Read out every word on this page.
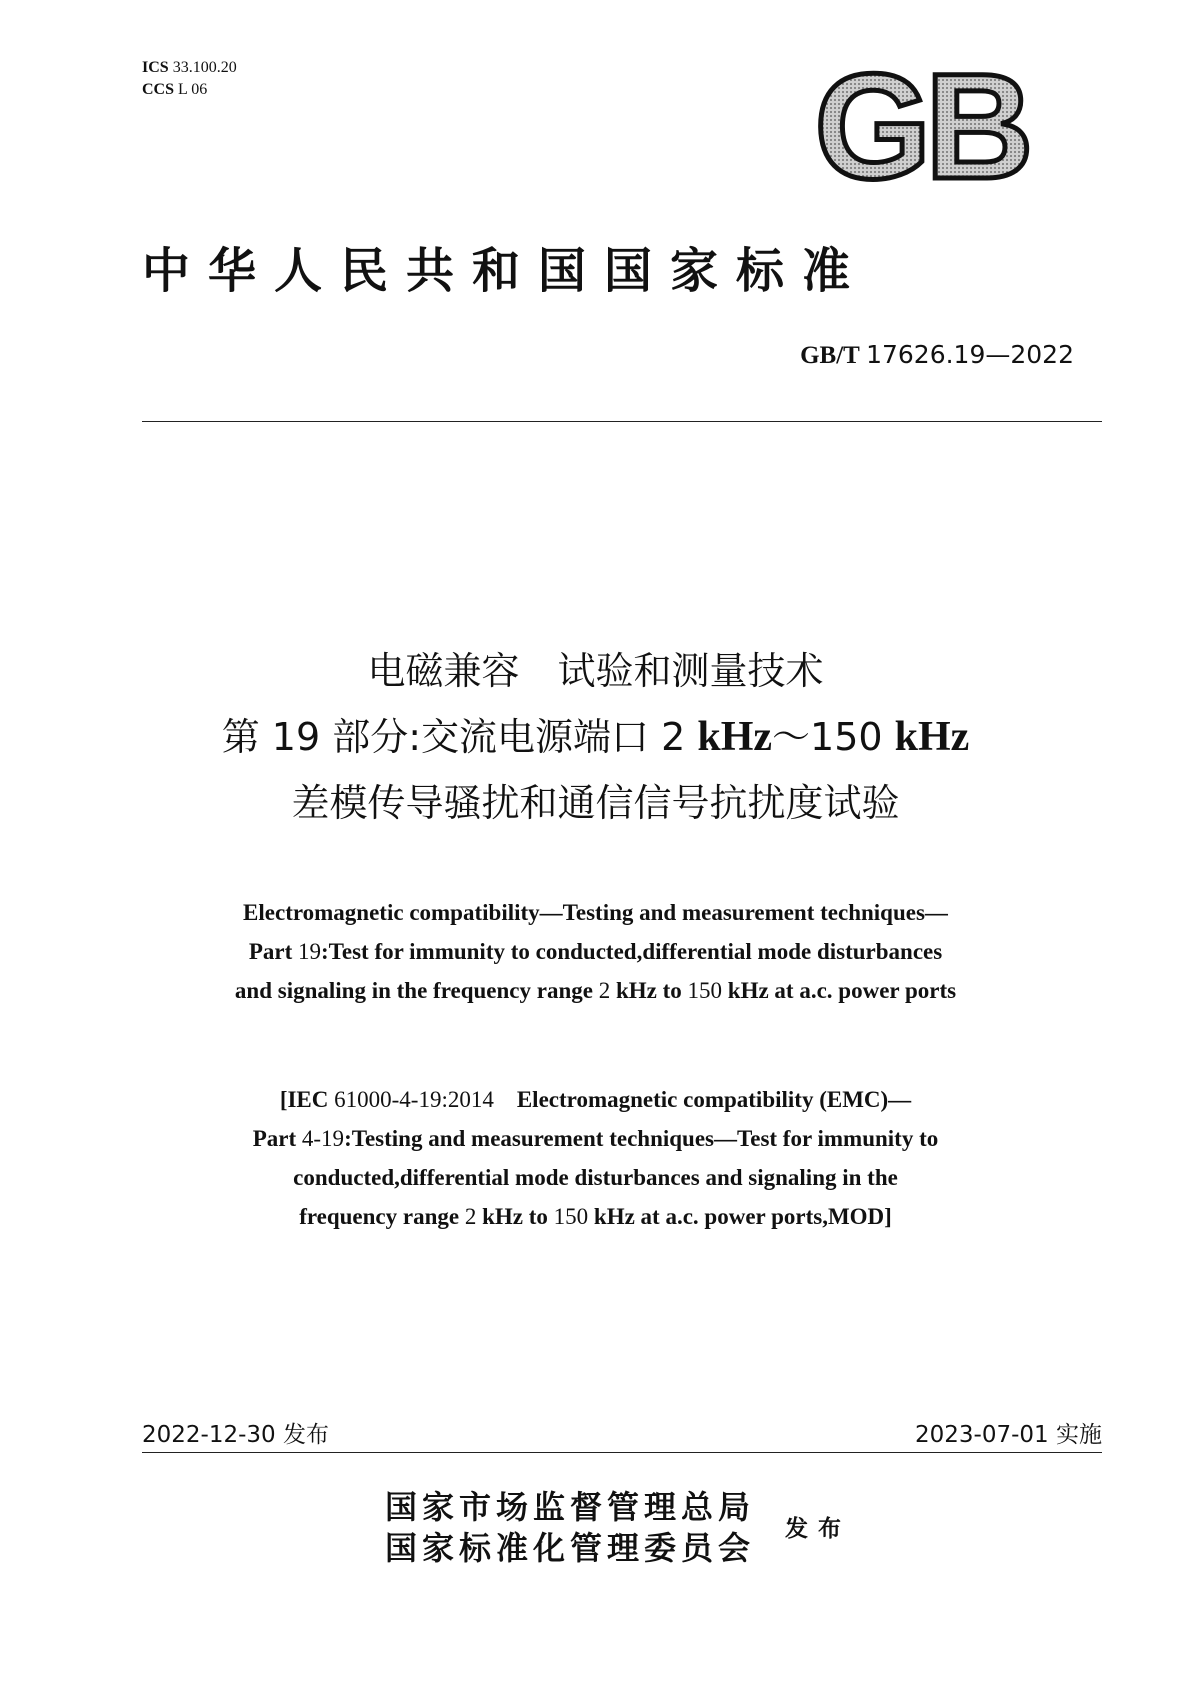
ICS 33.100.20
CCS L 06	GB
中华人民共和国国家标准
GB/T 17626.19—2022
电磁兼容　试验和测量技术
第 19 部分:交流电源端口 2 kHz～150 kHz
差模传导骚扰和通信信号抗扰度试验
Electromagnetic compatibility—Testing and measurement techniques—
Part 19:Test for immunity to conducted,differential mode disturbances
and signaling in the frequency range 2 kHz to 150 kHz at a.c. power ports
[IEC 61000-4-19:2014　Electromagnetic compatibility (EMC)—
Part 4-19:Testing and measurement techniques—Test for immunity to
conducted,differential mode disturbances and signaling in the
frequency range 2 kHz to 150 kHz at a.c. power ports,MOD]
2022-12-30 发布	2023-07-01 实施
国家市场监督管理总局
国家标准化管理委员会
发布
